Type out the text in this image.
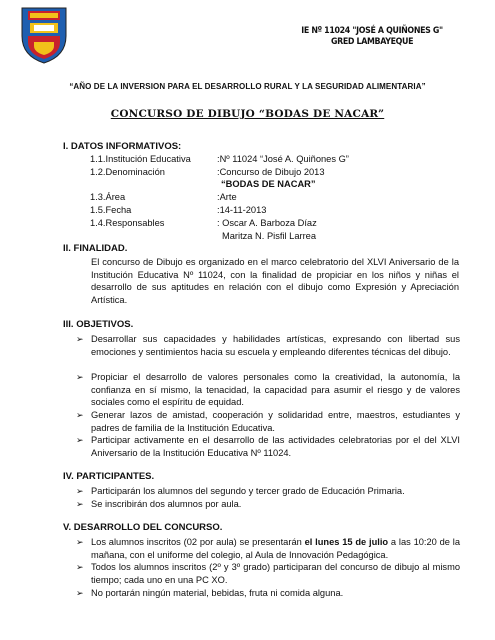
IE Nº 11024 "JOSÉ A QUIÑONES G"
GRED LAMBAYEQUE
“AÑO DE LA INVERSION PARA EL DESARROLLO RURAL Y LA SEGURIDAD ALIMENTARIA”
CONCURSO DE DIBUJO “BODAS DE NACAR”
I. DATOS INFORMATIVOS:
1.1.Institución Educativa	:Nº 11024 “José A. Quiñones G”
1.2.Denominación	:Concurso de Dibujo 2013
“BODAS DE NACAR”
1.3.Área	:Arte
1.5.Fecha	:14-11-2013
1.4.Responsables	: Oscar A. Barboza Díaz
Maritza N. Pisfil Larrea
II. FINALIDAD.
El concurso de Dibujo es organizado en el marco celebratorio del XLVI Aniversario de la Institución Educativa Nº 11024, con la finalidad de propiciar en los niños y niñas el desarrollo de sus aptitudes en relación con el dibujo como Expresión y Apreciación Artística.
III. OBJETIVOS.
➢ Desarrollar sus capacidades y habilidades artísticas, expresando con libertad sus emociones y sentimientos hacia su escuela y empleando diferentes técnicas del dibujo.
➢ Propiciar el desarrollo de valores personales como la creatividad, la autonomía, la confianza en sí mismo, la tenacidad, la capacidad para asumir el riesgo y de valores sociales como el espíritu de equidad.
➢ Generar lazos de amistad, cooperación y solidaridad entre, maestros, estudiantes y padres de familia de la Institución Educativa.
➢ Participar activamente en el desarrollo de las actividades celebratorias por el del XLVI Aniversario de la Institución Educativa Nº 11024.
IV. PARTICIPANTES.
➢ Participarán los alumnos del segundo y tercer grado de Educación Primaria.
➢ Se inscribirán dos alumnos por aula.
V. DESARROLLO DEL CONCURSO.
➢ Los alumnos inscritos (02 por aula) se presentarán el lunes 15 de julio a las 10:20 de la mañana, con el uniforme del colegio, al Aula de Innovación Pedagógica.
➢ Todos los alumnos inscritos (2º y 3º grado) participaran del concurso de dibujo al mismo tiempo; cada uno en una PC XO.
➢ No portarán ningún material, bebidas, fruta ni comida alguna.
